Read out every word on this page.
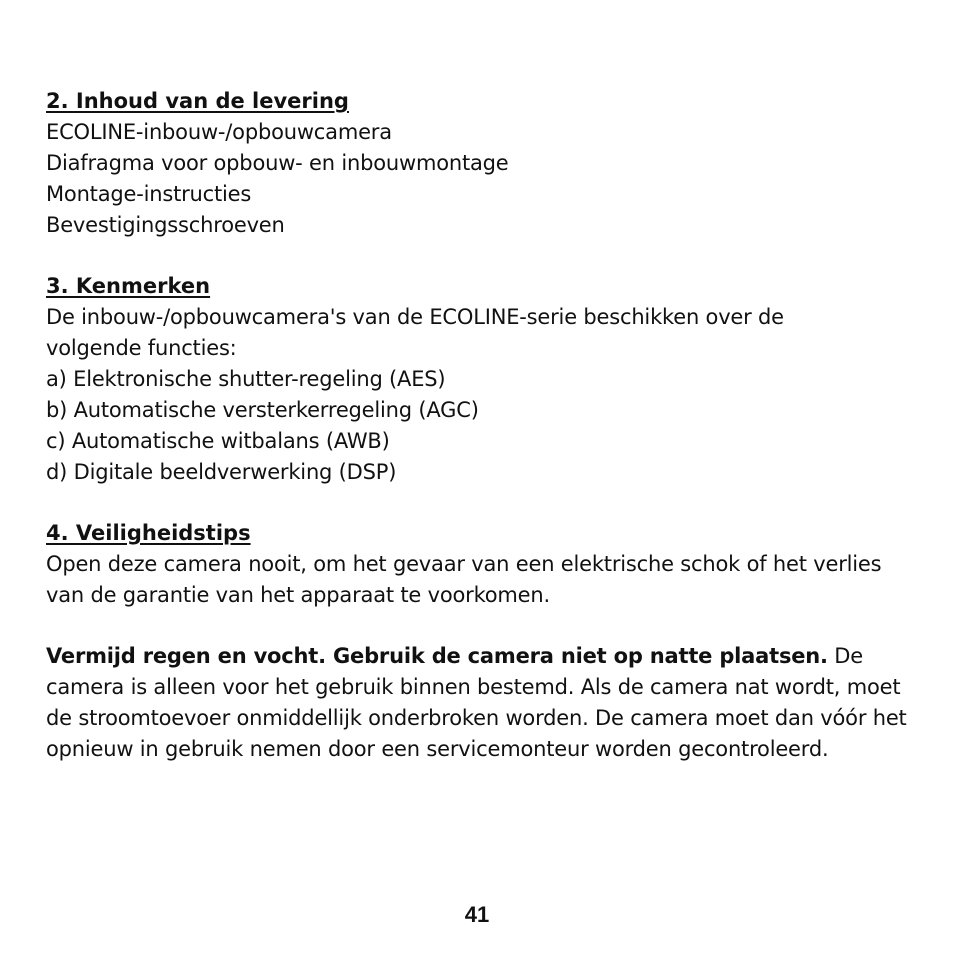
2. Inhoud van de levering

ECOLINE-inbouw-/opbouwcamera

Diafragma voor opbouw- en inbouwmontage

Montage-instructies

Bevestigingsschroeven

3. Kenmerken

De inbouw-/opbouwcamera's van de ECOLINE-serie beschikken over de

volgende functies:

a) Elektronische shutter-regeling (AES)

b) Automatische versterkerregeling (AGC)

c) Automatische witbalans (AWB)

d) Digitale beeldverwerking (DSP)

4. Veiligheidstips

Open deze camera nooit, om het gevaar van een elektrische schok of het verlies

van de garantie van het apparaat te voorkomen.

Vermijd regen en vocht. Gebruik de camera niet op natte plaatsen. De camera is alleen voor het gebruik binnen bestemd. Als de camera nat wordt, moet de stroomtoevoer onmiddellijk onderbroken worden. De camera moet dan vóór het opnieuw in gebruik nemen door een servicemonteur worden gecontroleerd.

41
